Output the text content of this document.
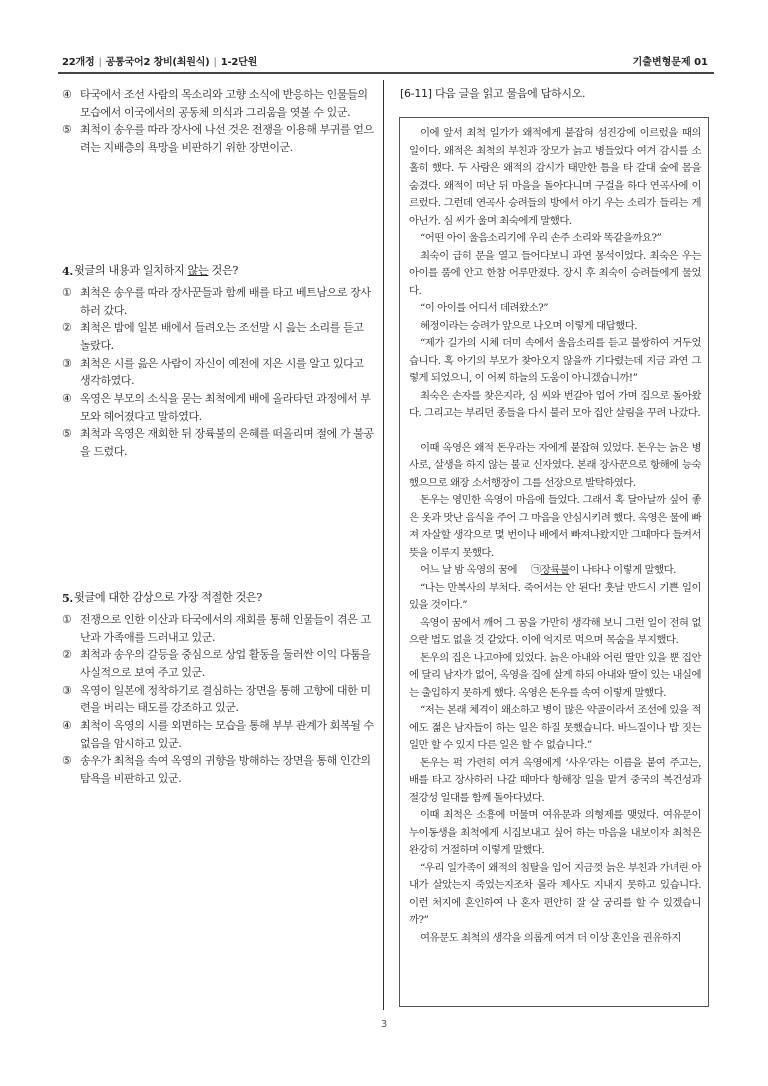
22개정 | 공통국어2 창비(최원식) | 1-2단원	기출변형문제 01
④ 타국에서 조선 사람의 목소리와 고향 소식에 반응하는 인물들의 모습에서 이국에서의 공동체 의식과 그리움을 엿볼 수 있군.
⑤ 최척이 송우를 따라 장사에 나선 것은 전쟁을 이용해 부귀를 얻으려는 지배층의 욕망을 비판하기 위한 장면이군.
4. 윗글의 내용과 일치하지 않는 것은?
① 최척은 송우를 따라 장사꾼들과 함께 배를 타고 베트남으로 장사하러 갔다.
② 최척은 밤에 일본 배에서 들려오는 조선말 시 읊는 소리를 듣고 놀랐다.
③ 최척은 시를 읊은 사람이 자신이 예전에 지은 시를 알고 있다고 생각하였다.
④ 옥영은 부모의 소식을 묻는 최척에게 배에 올라타던 과정에서 부모와 헤어졌다고 말하였다.
⑤ 최척과 옥영은 재회한 뒤 장륙불의 은혜를 떠올리며 절에 가 불공을 드렸다.
5. 윗글에 대한 감상으로 가장 적절한 것은?
① 전쟁으로 인한 이산과 타국에서의 재회를 통해 인물들이 겪은 고난과 가족애를 드러내고 있군.
② 최척과 송우의 갈등을 중심으로 상업 활동을 둘러싼 이익 다툼을 사실적으로 보여 주고 있군.
③ 옥영이 일본에 정착하기로 결심하는 장면을 통해 고향에 대한 미련을 버리는 태도를 강조하고 있군.
④ 최척이 옥영의 시를 외면하는 모습을 통해 부부 관계가 회복될 수 없음을 암시하고 있군.
⑤ 송우가 최척을 속여 옥영의 귀향을 방해하는 장면을 통해 인간의 탐욕을 비판하고 있군.
[6-11] 다음 글을 읽고 물음에 답하시오.

이에 앞서 최척 일가가 왜적에게 붙잡혀 섬진강에 이르렀을 때의 일이다. 왜적은 최척의 부친과 장모가 늙고 병들었다 여겨 감시를 소홀히 했다. 두 사람은 왜적의 감시가 태만한 틈을 타 갈대 숲에 몸을 숨겼다. 왜적이 떠난 뒤 마을을 돌아다니며 구걸을 하다 연곡사에 이르렀다. 그런데 연곡사 승려들의 방에서 아기 우는 소리가 들리는 게 아닌가. 심 씨가 울며 최숙에게 말했다.

“어떤 아이 울음소리기에 우리 손주 소리와 똑같을까요?”

최숙이 급히 문을 열고 들어다보니 과연 몽석이었다. 최숙은 우는 아이를 품에 안고 한참 어루만졌다. 장시 후 최숙이 승려들에게 물었다.

“이 아이를 어디서 데려왔소?”

혜정이라는 승려가 앞으로 나오며 이렇게 대답했다.

“제가 길가의 시체 더미 속에서 울음소리를 듣고 불쌍하여 거두었습니다. 혹 아기의 부모가 찾아오지 않을까 기다렸는데 지금 과연 그렇게 되었으니, 이 어찌 하늘의 도움이 아니겠습니까!”

최숙은 손자를 찾은지라, 심 씨와 번갈아 업어 가며 집으로 돌아왔다. 그리고는 부리던 종들을 다시 불러 모아 집안 살림을 꾸려 나갔다.

이때 옥영은 왜적 돈우라는 자에게 붙잡혀 있었다. 돈우는 늙은 병사로, 살생을 하지 않는 불교 신자였다. 본래 장사꾼으로 항해에 능숙했으므로 왜장 소서행장이 그를 선장으로 발탁하였다.

돈우는 영민한 옥영이 마음에 들었다. 그래서 혹 달아날까 싶어 좋은 옷과 맛난 음식을 주어 그 마음을 안심시키려 했다. 옥영은 물에 빠져 자살할 생각으로 몇 번이나 배에서 빠져나왔지만 그때마다 들켜서 뜻을 이루지 못했다.

어느 날 밤 옥영의 꿈에 ㉠장륙불이 나타나 이렇게 말했다.

“나는 만복사의 부처다. 죽어서는 안 된다! 훗날 반드시 기쁜 일이 있을 것이다.”

옥영이 꿈에서 깨어 그 꿈을 가만히 생각해 보니 그런 일이 전혀 없으란 법도 없을 것 같았다. 이에 억지로 먹으며 목숨을 부지했다.

돈우의 집은 나고야에 있었다. 늙은 아내와 어린 딸만 있을 뿐 집안에 달리 남자가 없어, 옥영을 집에 살게 하되 아내와 딸이 있는 내실에는 출입하지 못하게 했다. 옥영은 돈우를 속여 이렇게 말했다.

“저는 본래 체격이 왜소하고 병이 많은 약골이라서 조선에 있을 적에도 젊은 남자들이 하는 일은 하질 못했습니다. 바느질이나 밥 짓는 일만 할 수 있지 다른 일은 할 수 없습니다.”

돈우는 퍽 가련히 여겨 옥영에게 ‘사우’라는 이름을 붙여 주고는, 배를 타고 장사하러 나갈 때마다 항해장 일을 맡겨 중국의 복건성과 절강성 일대를 함께 돌아다녔다.

이때 최척은 소흥에 머물며 여유문과 의형제를 맺었다. 여유문이 누이동생을 최척에게 시집보내고 싶어 하는 마음을 내보이자 최척은 완강히 거절하며 이렇게 말했다.

“우리 일가족이 왜적의 침탈을 입어 지금껏 늙은 부친과 가녀린 아내가 살았는지 죽었는지조차 몰라 제사도 지내지 못하고 있습니다. 이런 처지에 혼인하여 나 혼자 편안히 잘 살 궁리를 할 수 있겠습니까?”

여유문도 최척의 생각을 의롭게 여겨 더 이상 혼인을 권유하지

3
